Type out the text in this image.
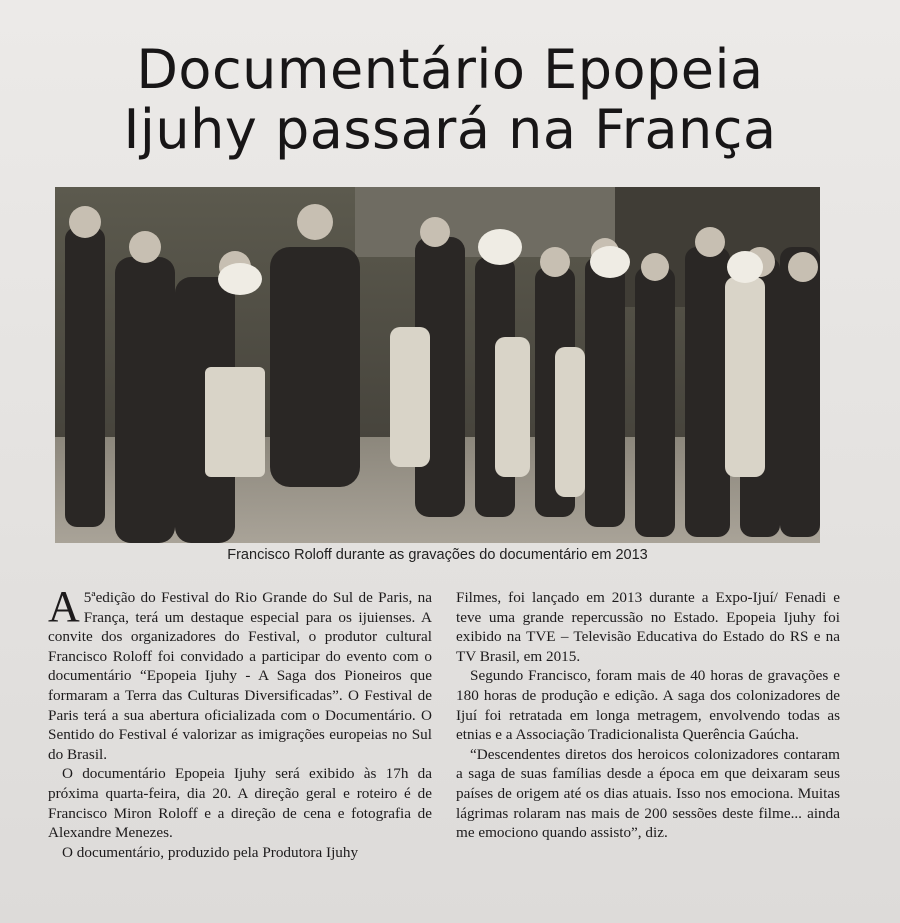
Documentário Epopeia
Ijuhy passará na França
Francisco Roloff durante as gravações do documentário em 2013

A 5ªedição do Festival do Rio Grande do Sul de Paris, na França, terá um destaque especial para os ijuienses. A convite dos organizadores do Festival, o produtor cultural Francisco Roloff foi convidado a participar do evento com o documentário “Epopeia Ijuhy - A Saga dos Pioneiros que formaram a Terra das Culturas Diversificadas”. O Festival de Paris terá a sua abertura oficializada com o Documentário. O Sentido do Festival é valorizar as imigrações europeias no Sul do Brasil.

O documentário Epopeia Ijuhy será exibido às 17h da próxima quarta-feira, dia 20. A direção geral e roteiro é de Francisco Miron Roloff e a direção de cena e fotografia de Alexandre Menezes.

O documentário, produzido pela Produtora Ijuhy

Filmes, foi lançado em 2013 durante a Expo-Ijuí/ Fenadi e teve uma grande repercussão no Estado. Epopeia Ijuhy foi exibido na TVE – Televisão Educativa do Estado do RS e na TV Brasil, em 2015.

Segundo Francisco, foram mais de 40 horas de gravações e 180 horas de produção e edição. A saga dos colonizadores de Ijuí foi retratada em longa metragem, envolvendo todas as etnias e a Associação Tradicionalista Querência Gaúcha.

“Descendentes diretos dos heroicos colonizadores contaram a saga de suas famílias desde a época em que deixaram seus países de origem até os dias atuais. Isso nos emociona. Muitas lágrimas rolaram nas mais de 200 sessões deste filme... ainda me emociono quando assisto”, diz.
